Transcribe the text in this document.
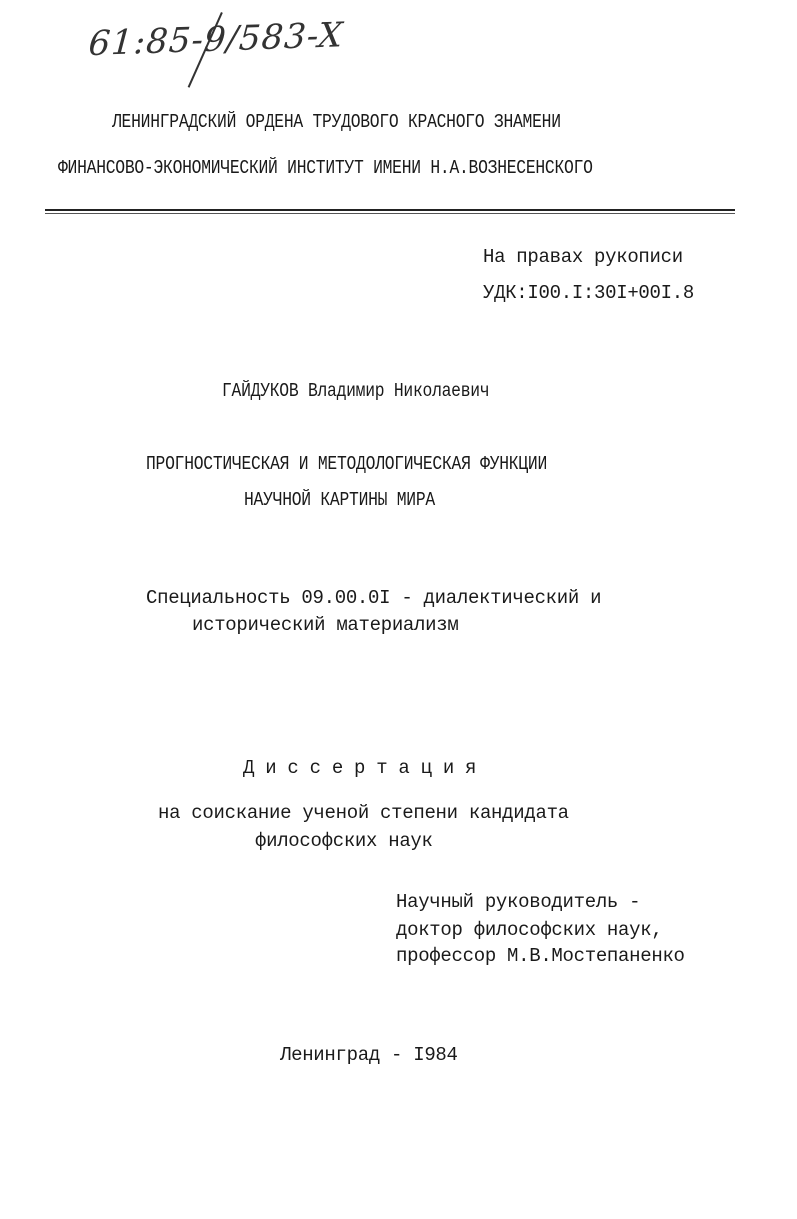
61:85-9/583-X
ЛЕНИНГРАДСКИЙ ОРДЕНА ТРУДОВОГО КРАСНОГО ЗНАМЕНИ
ФИНАНСОВО-ЭКОНОМИЧЕСКИЙ ИНСТИТУТ ИМЕНИ Н.А.ВОЗНЕСЕНСКОГО
На правах рукописи
УДК:I00.I:30I+00I.8
ГАЙДУКОВ Владимир Николаевич
ПРОГНОСТИЧЕСКАЯ И МЕТОДОЛОГИЧЕСКАЯ ФУНКЦИИ
НАУЧНОЙ КАРТИНЫ МИРА
Специальность 09.00.0I - диалектический и
исторический материализм
Д и с с е р т а ц и я
на соискание ученой степени кандидата
философских наук
Научный руководитель -
доктор философских наук,
профессор М.В.Мостепаненко
Ленинград - I984
